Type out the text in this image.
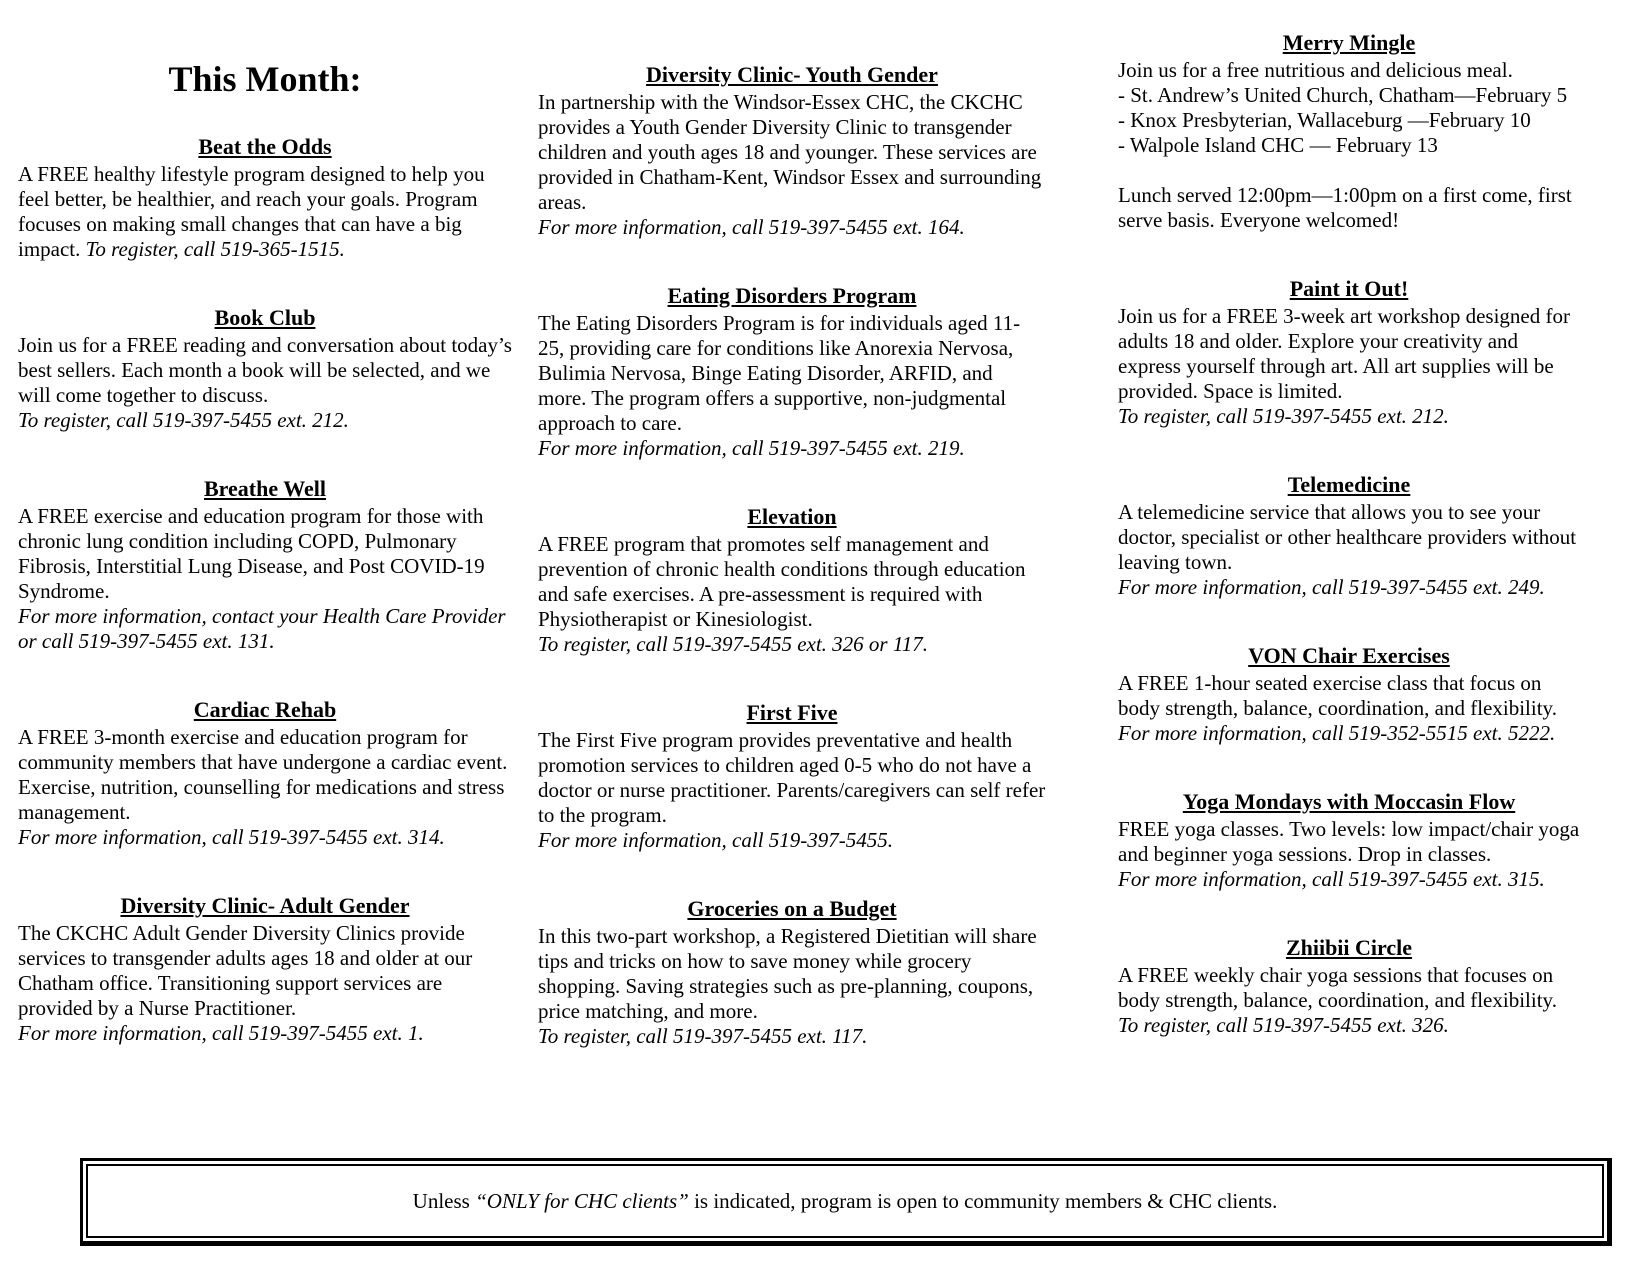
This Month:
Beat the Odds
A FREE healthy lifestyle program designed to help you feel better, be healthier, and reach your goals. Program focuses on making small changes that can have a big impact. To register, call 519-365-1515.
Book Club
Join us for a FREE reading and conversation about today’s best sellers. Each month a book will be selected, and we will come together to discuss.
To register, call 519-397-5455 ext. 212.
Breathe Well
A FREE exercise and education program for those with chronic lung condition including COPD, Pulmonary Fibrosis, Interstitial Lung Disease, and Post COVID-19 Syndrome.
For more information, contact your Health Care Provider or call 519-397-5455 ext. 131.
Cardiac Rehab
A FREE 3-month exercise and education program for community members that have undergone a cardiac event. Exercise, nutrition, counselling for medications and stress management.
For more information, call 519-397-5455 ext. 314.
Diversity Clinic- Adult Gender
The CKCHC Adult Gender Diversity Clinics provide services to transgender adults ages 18 and older at our Chatham office. Transitioning support services are provided by a Nurse Practitioner.
For more information, call 519-397-5455 ext. 1.
Diversity Clinic- Youth Gender
In partnership with the Windsor-Essex CHC, the CKCHC provides a Youth Gender Diversity Clinic to transgender children and youth ages 18 and younger. These services are provided in Chatham-Kent, Windsor Essex and surrounding areas.
For more information, call 519-397-5455 ext. 164.
Eating Disorders Program
The Eating Disorders Program is for individuals aged 11-25, providing care for conditions like Anorexia Nervosa, Bulimia Nervosa, Binge Eating Disorder, ARFID, and more. The program offers a supportive, non-judgmental approach to care.
For more information, call 519-397-5455 ext. 219.
Elevation
A FREE program that promotes self management and prevention of chronic health conditions through education and safe exercises. A pre-assessment is required with Physiotherapist or Kinesiologist.
To register, call 519-397-5455 ext. 326 or 117.
First Five
The First Five program provides preventative and health promotion services to children aged 0-5 who do not have a doctor or nurse practitioner. Parents/caregivers can self refer to the program.
For more information, call 519-397-5455.
Groceries on a Budget
In this two-part workshop, a Registered Dietitian will share tips and tricks on how to save money while grocery shopping. Saving strategies such as pre-planning, coupons, price matching, and more.
To register, call 519-397-5455 ext. 117.
Merry Mingle
Join us for a free nutritious and delicious meal.
- St. Andrew’s United Church, Chatham—February 5
- Knox Presbyterian, Wallaceburg —February 10
- Walpole Island CHC — February 13
Lunch served 12:00pm—1:00pm on a first come, first serve basis. Everyone welcomed!
Paint it Out!
Join us for a FREE 3-week art workshop designed for adults 18 and older. Explore your creativity and express yourself through art. All art supplies will be provided. Space is limited.
To register, call 519-397-5455 ext. 212.
Telemedicine
A telemedicine service that allows you to see your doctor, specialist or other healthcare providers without leaving town.
For more information, call 519-397-5455 ext. 249.
VON Chair Exercises
A FREE 1-hour seated exercise class that focus on body strength, balance, coordination, and flexibility.
For more information, call 519-352-5515 ext. 5222.
Yoga Mondays with Moccasin Flow
FREE yoga classes. Two levels: low impact/chair yoga and beginner yoga sessions. Drop in classes.
For more information, call 519-397-5455 ext. 315.
Zhiibii Circle
A FREE weekly chair yoga sessions that focuses on body strength, balance, coordination, and flexibility.
To register, call 519-397-5455 ext. 326.
Unless “ONLY for CHC clients” is indicated, program is open to community members & CHC clients.
